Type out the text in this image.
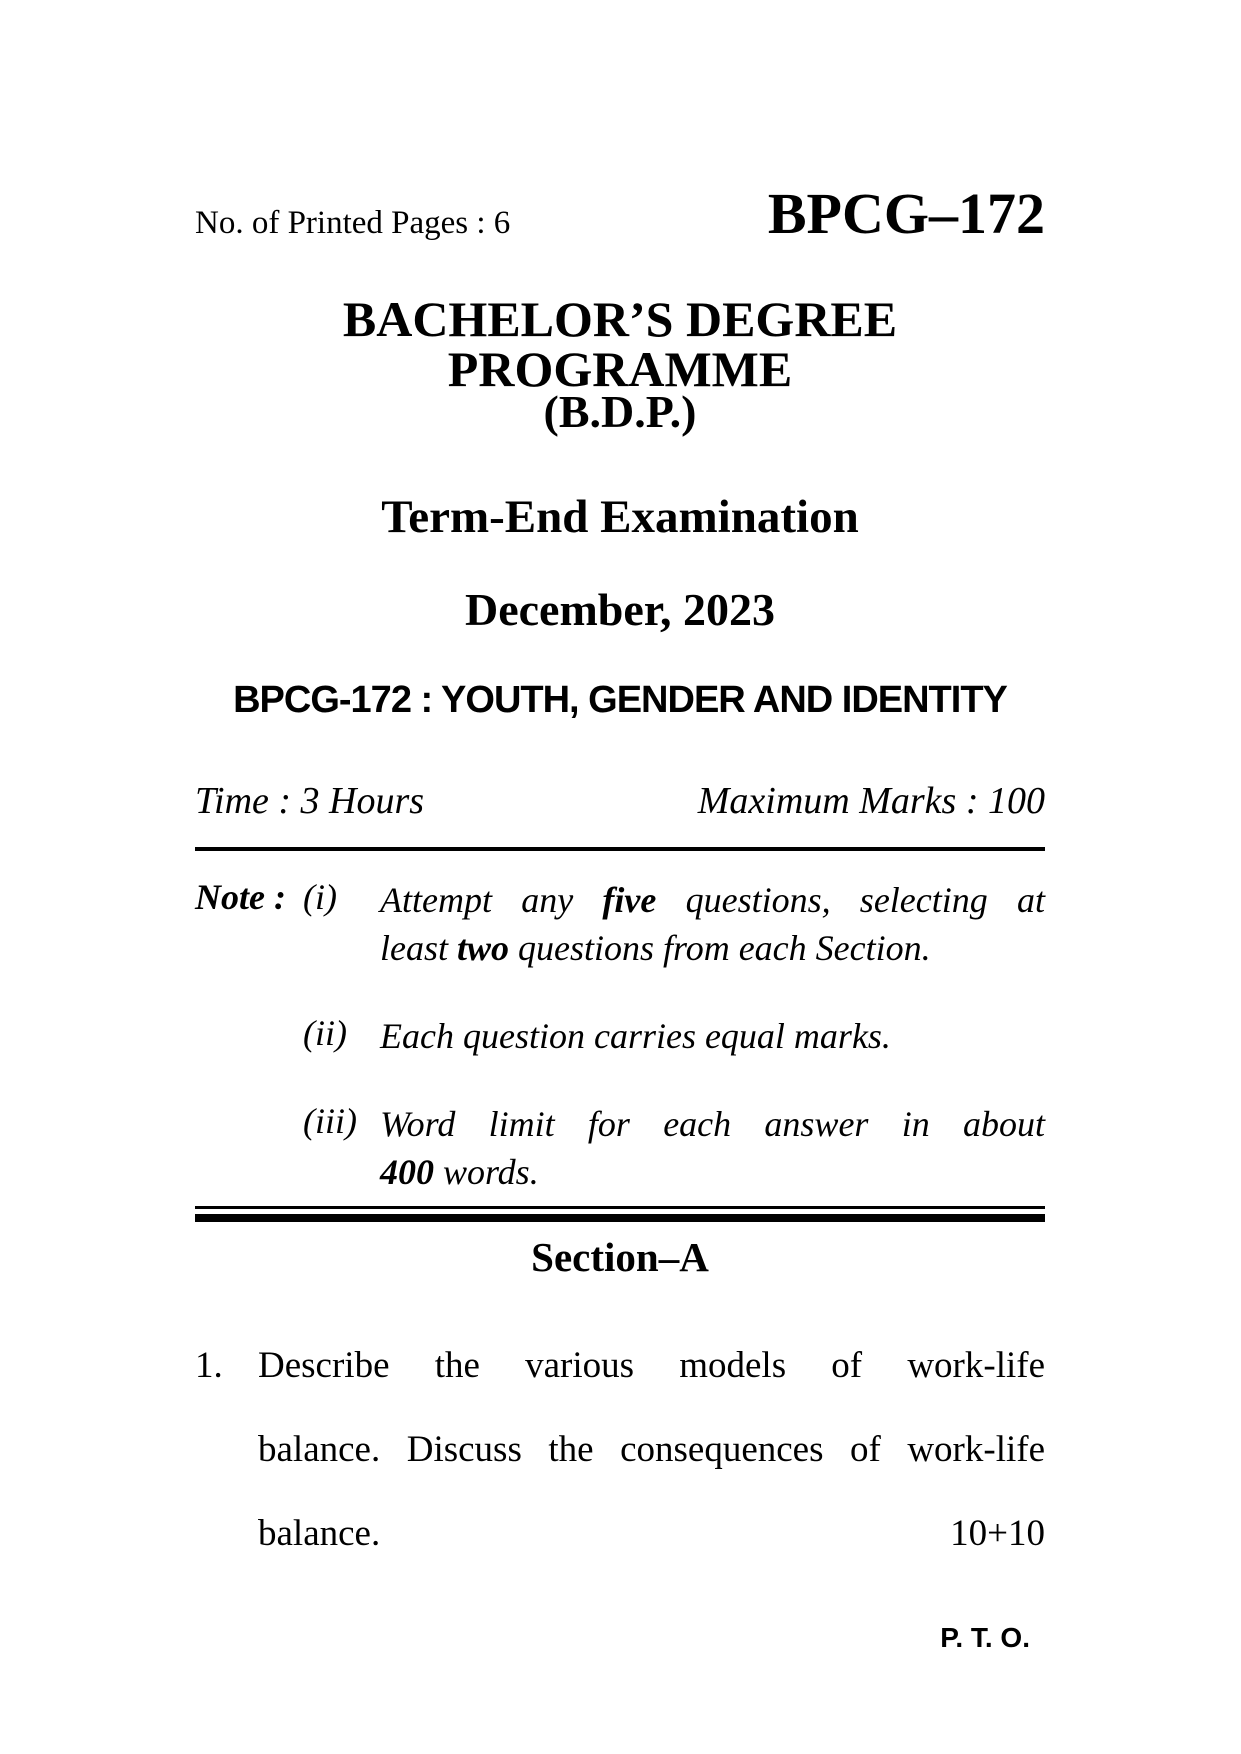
No. of Printed Pages : 6	BPCG–172
BACHELOR’S DEGREE PROGRAMME
(B.D.P.)
Term-End Examination
December, 2023
BPCG-172 : YOUTH, GENDER AND IDENTITY
Time : 3 Hours	Maximum Marks : 100
Note : (i)	Attempt any five questions, selecting at
least two questions from each Section.
(ii) Each question carries equal marks.
(iii) Word limit for each answer in about
400 words.
Section–A
1. Describe the various models of work-life
balance. Discuss the consequences of work-life
balance.	10+10
P. T. O.
